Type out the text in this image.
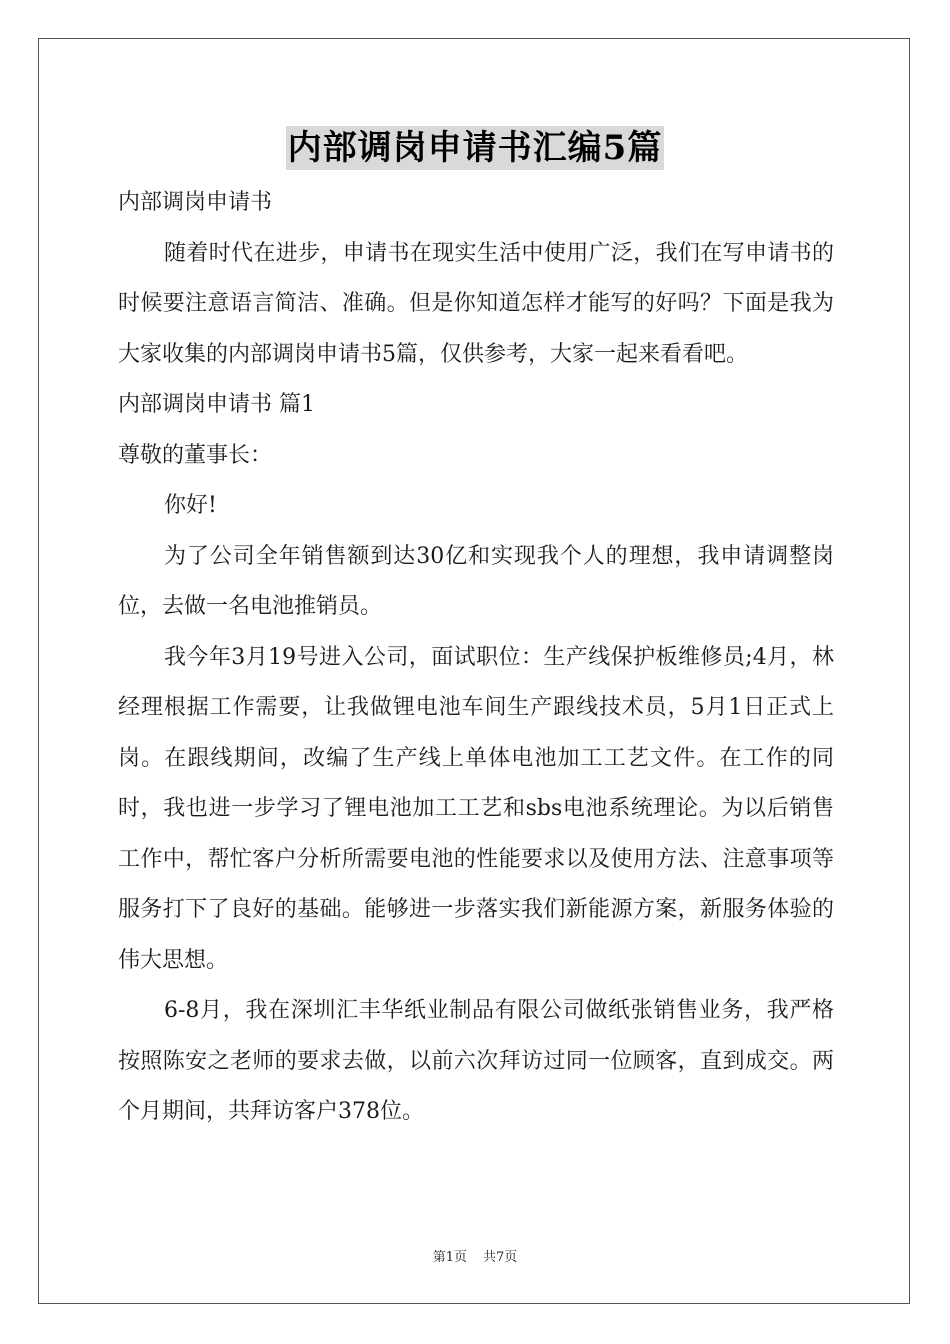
内部调岗申请书汇编5篇

内部调岗申请书

随着时代在进步，申请书在现实生活中使用广泛，我们在写申请书的时候要注意语言简洁、准确。但是你知道怎样才能写的好吗？下面是我为大家收集的内部调岗申请书5篇，仅供参考，大家一起来看看吧。

内部调岗申请书 篇1

尊敬的董事长：

你好!

为了公司全年销售额到达30亿和实现我个人的理想，我申请调整岗位，去做一名电池推销员。

我今年3月19号进入公司，面试职位：生产线保护板维修员;4月，林经理根据工作需要，让我做锂电池车间生产跟线技术员，5月1日正式上岗。在跟线期间，改编了生产线上单体电池加工工艺文件。在工作的同时，我也进一步学习了锂电池加工工艺和sbs电池系统理论。为以后销售工作中，帮忙客户分析所需要电池的性能要求以及使用方法、注意事项等服务打下了良好的基础。能够进一步落实我们新能源方案，新服务体验的伟大思想。

6-8月，我在深圳汇丰华纸业制品有限公司做纸张销售业务，我严格按照陈安之老师的要求去做，以前六次拜访过同一位顾客，直到成交。两个月期间，共拜访客户378位。

第1页 共7页
